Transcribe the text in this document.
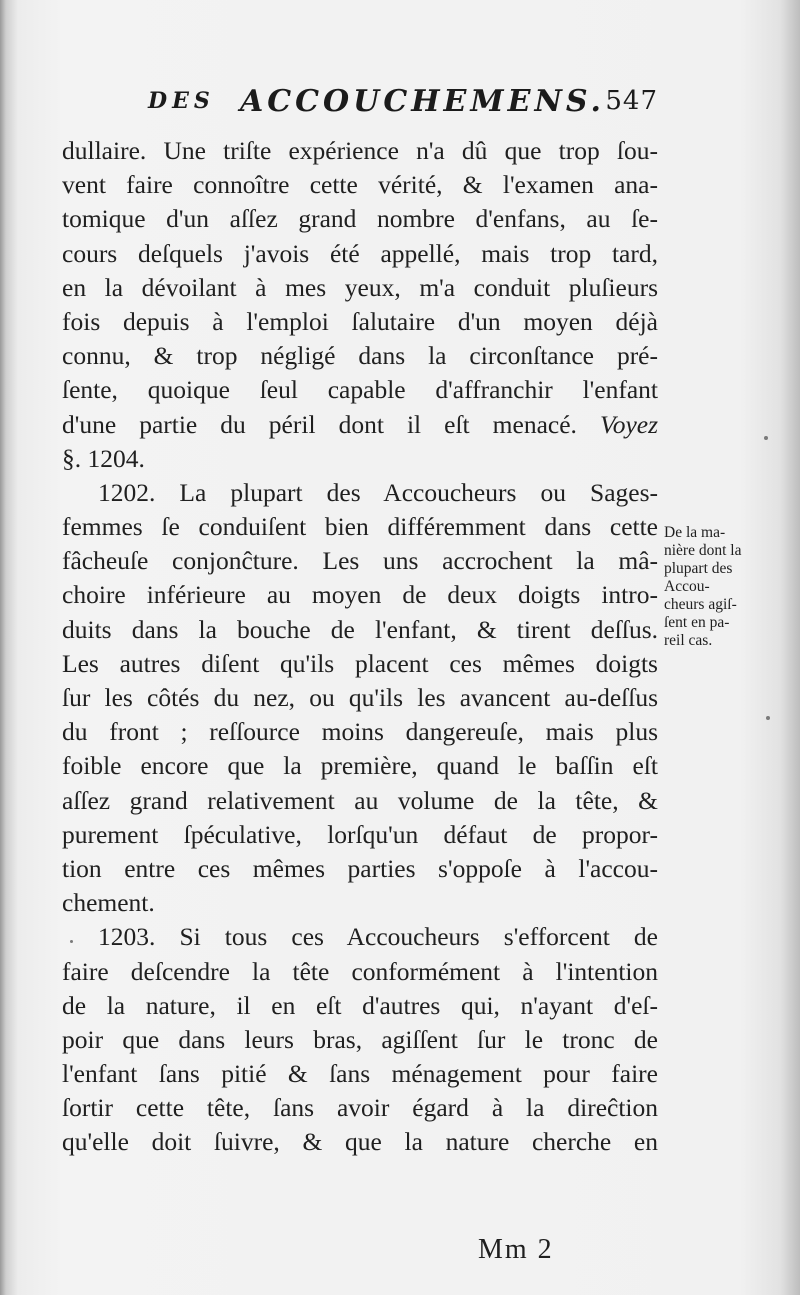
DES ACCOUCHEMENS. 547
dullaire. Une triſte expérience n'a dû que trop ſou-
vent faire connoître cette vérité, & l'examen ana-
tomique d'un aſſez grand nombre d'enfans, au ſe-
cours deſquels j'avois été appellé, mais trop tard,
en la dévoilant à mes yeux, m'a conduit pluſieurs
fois depuis à l'emploi ſalutaire d'un moyen déjà
connu, & trop négligé dans la circonſtance pré-
ſente, quoique ſeul capable d'affranchir l'enfant
d'une partie du péril dont il eſt menacé. Voyez
§. 1204.
1202. La plupart des Accoucheurs ou Sages-
femmes ſe conduiſent bien différemment dans cette
fâcheuſe conjonĉture. Les uns accrochent la mâ-
choire inférieure au moyen de deux doigts intro-
duits dans la bouche de l'enfant, & tirent deſſus.
Les autres diſent qu'ils placent ces mêmes doigts
ſur les côtés du nez, ou qu'ils les avancent au-deſſus
du front ; reſſource moins dangereuſe, mais plus
foible encore que la première, quand le baſſin eſt
aſſez grand relativement au volume de la tête, &
purement ſpéculative, lorſqu'un défaut de propor-
tion entre ces mêmes parties s'oppoſe à l'accou-
chement.
1203. Si tous ces Accoucheurs s'efforcent de
faire deſcendre la tête conformément à l'intention
de la nature, il en eſt d'autres qui, n'ayant d'eſ-
poir que dans leurs bras, agiſſent ſur le tronc de
l'enfant ſans pitié & ſans ménagement pour faire
ſortir cette tête, ſans avoir égard à la direĉtion
qu'elle doit ſuivre, & que la nature cherche en
De la ma-
nière dont la
plupart des
Accou-
cheurs agiſ-
ſent en pa-
reil cas.
Mm 2
